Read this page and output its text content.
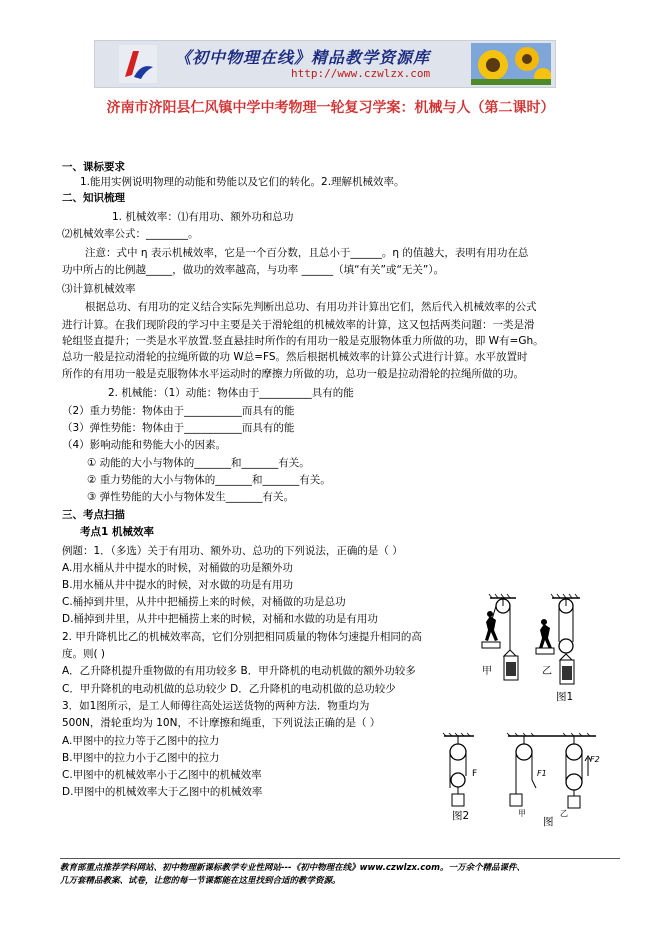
《初中物理在线》精品教学资源库
http://www.czwlzx.com
济南市济阳县仁风镇中学中考物理一轮复习学案：机械与人（第二课时）
一、课标要求
1.能用实例说明物理的动能和势能以及它们的转化。2.理解机械效率。
二、知识梳理
1. 机械效率：⑴有用功、额外功和总功
⑵机械效率公式：________。
注意：式中 η 表示机械效率，它是一个百分数，且总小于______。η 的值越大，表明有用功在总
功中所占的比例越_____，做功的效率越高，与功率 ______（填“有关”或“无关”）。
⑶计算机械效率
根据总功、有用功的定义结合实际先判断出总功、有用功并计算出它们，然后代入机械效率的公式
进行计算。在我们现阶段的学习中主要是关于滑轮组的机械效率的计算，这又包括两类问题：一类是滑
轮组竖直提升；一类是水平放置.竖直悬挂时所作的有用功一般是克服物体重力所做的功，即 W有=Gh。
总功一般是拉动滑轮的拉绳所做的功 W总=FS。然后根据机械效率的计算公式进行计算。水平放置时
所作的有用功一般是克服物体水平运动时的摩擦力所做的功，总功一般是拉动滑轮的拉绳所做的功。
2. 机械能：（1）动能：物体由于__________具有的能
（2）重力势能：物体由于___________而具有的能
（3）弹性势能：物体由于___________而具有的能
（4）影响动能和势能大小的因素。
① 动能的大小与物体的_______和_______有关。
② 重力势能的大小与物体的_______和_______有关。
③ 弹性势能的大小与物体发生_______有关。
三、考点扫描
考点1 机械效率
例题：1．（多选）关于有用功、额外功、总功的下列说法，正确的是（ ）
A.用水桶从井中提水的时候，对桶做的功是额外功
B.用水桶从井中提水的时候，对水做的功是有用功
C.桶掉到井里，从井中把桶捞上来的时候，对桶做的功是总功
D.桶掉到井里，从井中把桶捞上来的时候，对桶和水做的功是有用功
2. 甲升降机比乙的机械效率高，它们分别把相同质量的物体匀速提升相同的高
度。则( )
A．乙升降机提升重物做的有用功较多 B．甲升降机的电动机做的额外功较多
C．甲升降机的电动机做的总功较少 D．乙升降机的电动机做的总功较少
3．如1图所示，是工人师傅往高处运送货物的两种方法．物重均为
500N，滑轮重均为 10N，不计摩擦和绳重，下列说法正确的是（ ）
A.甲图中的拉力等于乙图中的拉力
B.甲图中的拉力小于乙图中的拉力
C.甲图中的机械效率小于乙图中的机械效率
D.甲图中的机械效率大于乙图中的机械效率
甲	乙
图1
F
图2
F1
F2
甲	乙
图
教育部重点推荐学科网站、初中物理新课标教学专业性网站---《初中物理在线》www.czwlzx.com。一万余个精品课件、
几万套精品教案、试卷，让您的每一节课都能在这里找到合适的教学资源。
